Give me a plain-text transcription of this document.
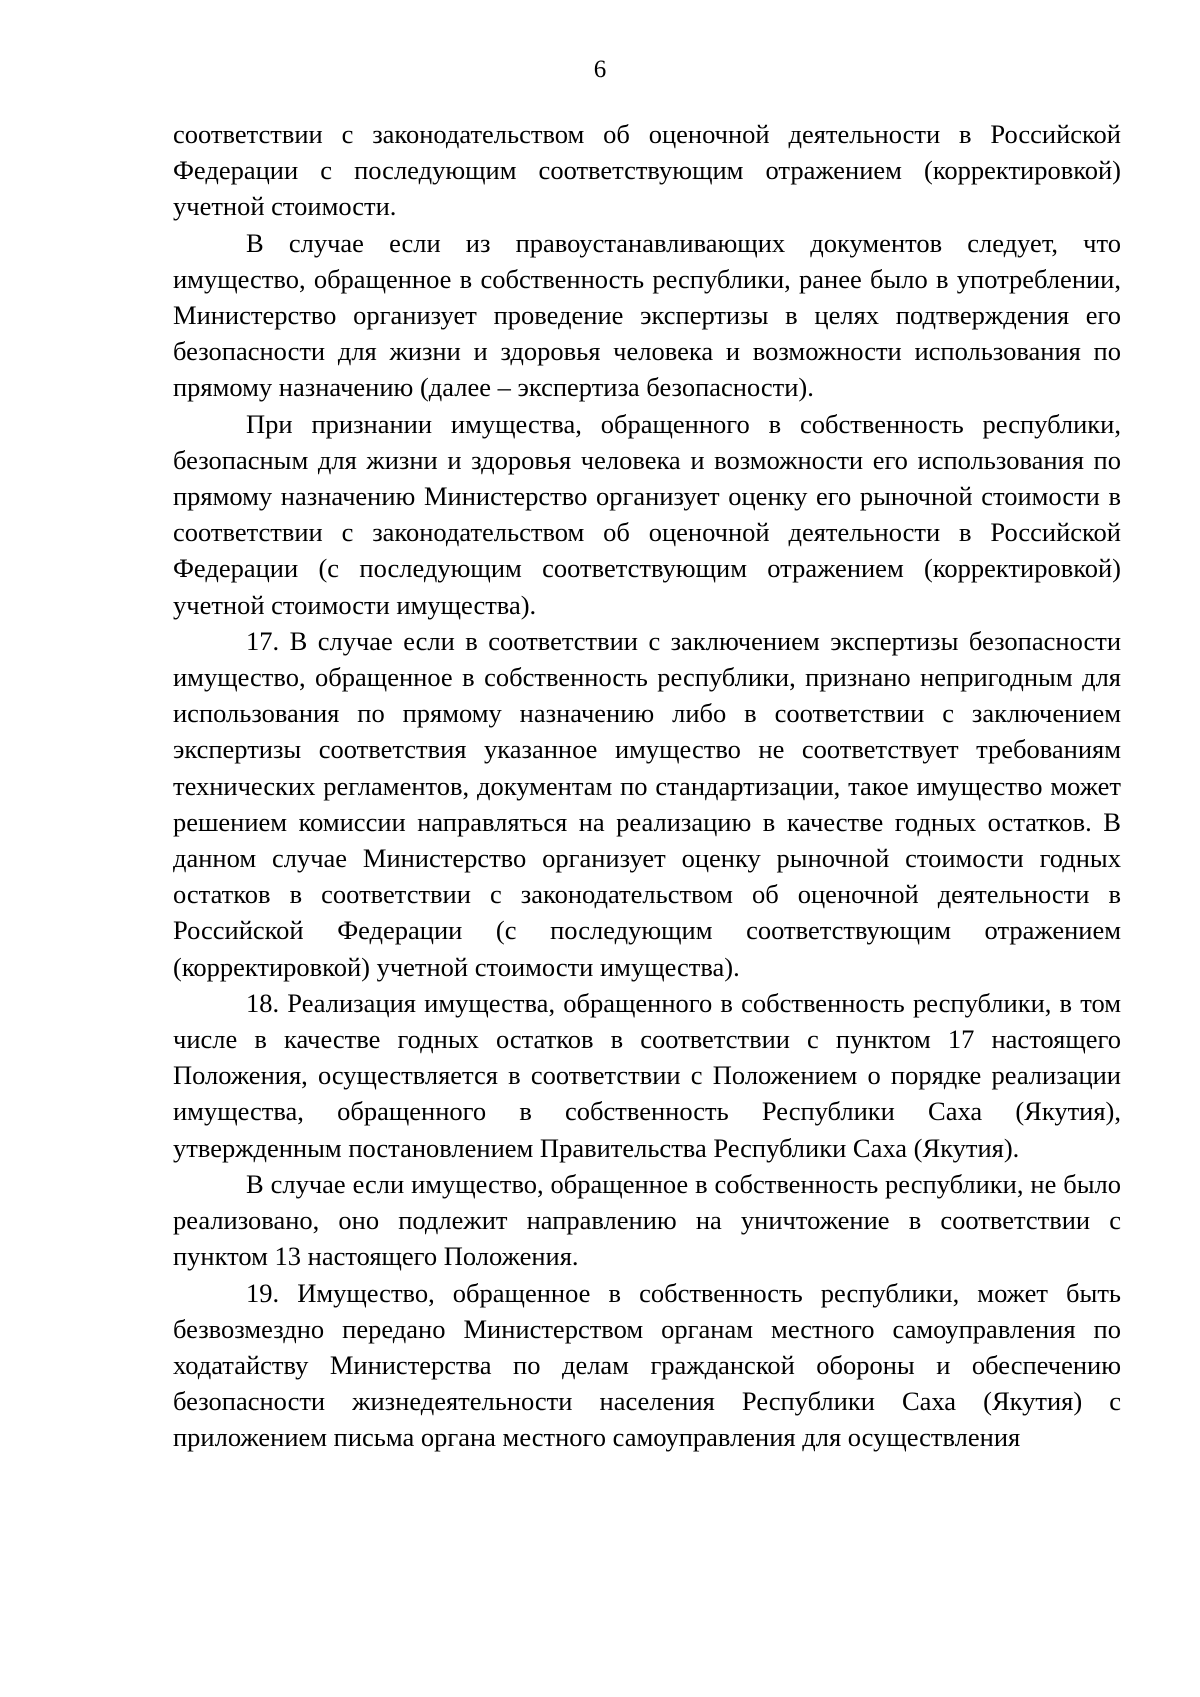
6

соответствии с законодательством об оценочной деятельности в Российской Федерации с последующим соответствующим отражением (корректировкой) учетной стоимости.

В случае если из правоустанавливающих документов следует, что имущество, обращенное в собственность республики, ранее было в употреблении, Министерство организует проведение экспертизы в целях подтверждения его безопасности для жизни и здоровья человека и возможности использования по прямому назначению (далее – экспертиза безопасности).

При признании имущества, обращенного в собственность республики, безопасным для жизни и здоровья человека и возможности его использования по прямому назначению Министерство организует оценку его рыночной стоимости в соответствии с законодательством об оценочной деятельности в Российской Федерации (с последующим соответствующим отражением (корректировкой) учетной стоимости имущества).

17. В случае если в соответствии с заключением экспертизы безопасности имущество, обращенное в собственность республики, признано непригодным для использования по прямому назначению либо в соответствии с заключением экспертизы соответствия указанное имущество не соответствует требованиям технических регламентов, документам по стандартизации, такое имущество может решением комиссии направляться на реализацию в качестве годных остатков. В данном случае Министерство организует оценку рыночной стоимости годных остатков в соответствии с законодательством об оценочной деятельности в Российской Федерации (с последующим соответствующим отражением (корректировкой) учетной стоимости имущества).

18. Реализация имущества, обращенного в собственность республики, в том числе в качестве годных остатков в соответствии с пунктом 17 настоящего Положения, осуществляется в соответствии с Положением о порядке реализации имущества, обращенного в собственность Республики Саха (Якутия), утвержденным постановлением Правительства Республики Саха (Якутия).

В случае если имущество, обращенное в собственность республики, не было реализовано, оно подлежит направлению на уничтожение в соответствии с пунктом 13 настоящего Положения.

19. Имущество, обращенное в собственность республики, может быть безвозмездно передано Министерством органам местного самоуправления по ходатайству Министерства по делам гражданской обороны и обеспечению безопасности жизнедеятельности населения Республики Саха (Якутия) с приложением письма органа местного самоуправления для осуществления
